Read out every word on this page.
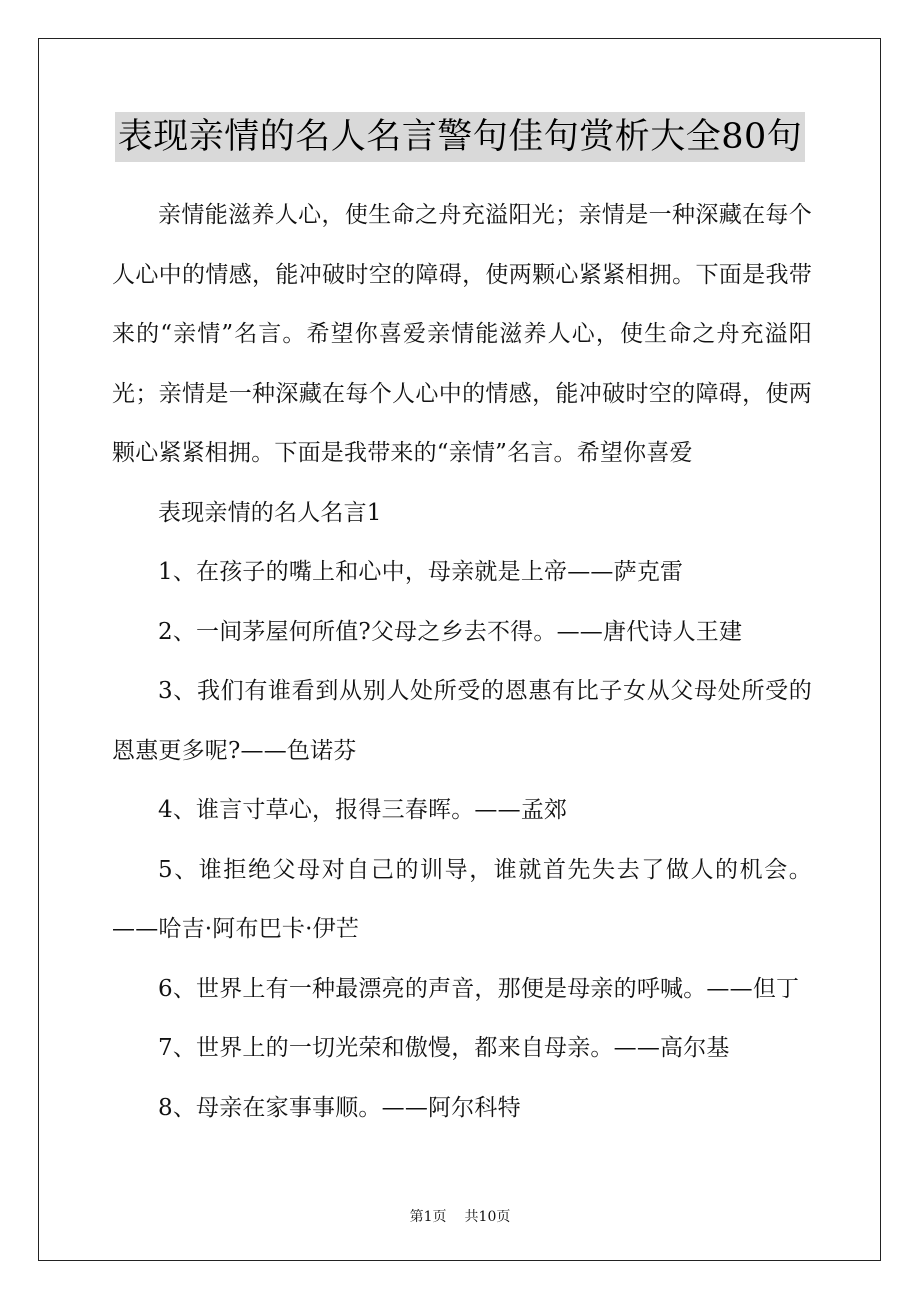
表现亲情的名人名言警句佳句赏析大全80句

亲情能滋养人心，使生命之舟充溢阳光；亲情是一种深藏在每个人心中的情感，能冲破时空的障碍，使两颗心紧紧相拥。下面是我带来的“亲情”名言。希望你喜爱亲情能滋养人心，使生命之舟充溢阳光；亲情是一种深藏在每个人心中的情感，能冲破时空的障碍，使两颗心紧紧相拥。下面是我带来的“亲情”名言。希望你喜爱

表现亲情的名人名言1

1、在孩子的嘴上和心中，母亲就是上帝——萨克雷

2、一间茅屋何所值?父母之乡去不得。——唐代诗人王建

3、我们有谁看到从别人处所受的恩惠有比子女从父母处所受的恩惠更多呢?——色诺芬

4、谁言寸草心，报得三春晖。——孟郊

5、谁拒绝父母对自己的训导，谁就首先失去了做人的机会。——哈吉·阿布巴卡·伊芒

6、世界上有一种最漂亮的声音，那便是母亲的呼喊。——但丁

7、世界上的一切光荣和傲慢，都来自母亲。——高尔基

8、母亲在家事事顺。——阿尔科特

第1页 共10页
